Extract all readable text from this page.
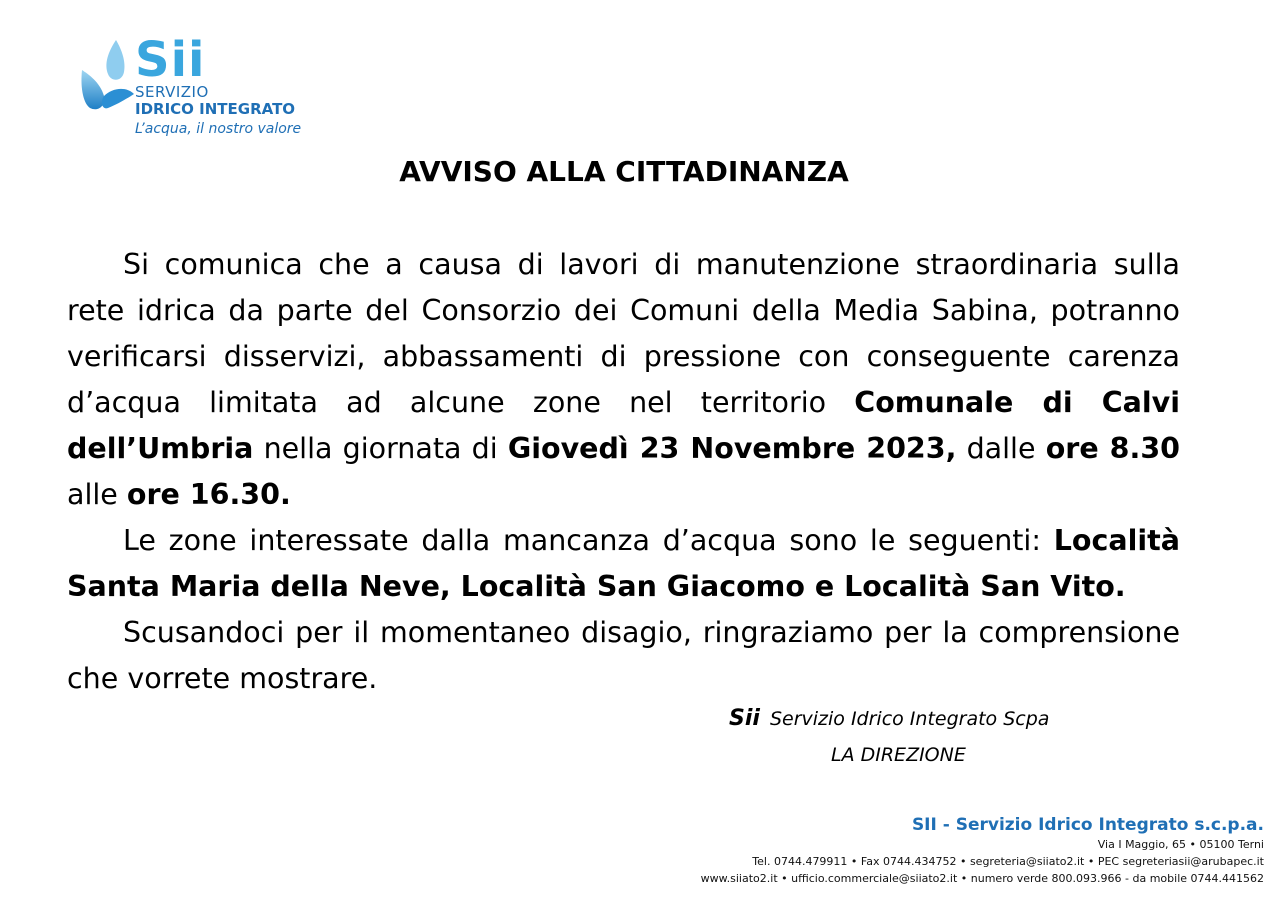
Sii
SERVIZIO
IDRICO INTEGRATO
L’acqua, il nostro valore
AVVISO ALLA CITTADINANZA

Si comunica che a causa di lavori di manutenzione straordinaria sulla rete idrica da parte del Consorzio dei Comuni della Media Sabina, potranno verificarsi disservizi, abbassamenti di pressione con conseguente carenza d’acqua limitata ad alcune zone nel territorio Comunale di Calvi dell’Umbria nella giornata di Giovedì 23 Novembre 2023, dalle ore 8.30 alle ore 16.30.

Le zone interessate dalla mancanza d’acqua sono le seguenti: Località Santa Maria della Neve, Località San Giacomo e Località San Vito.

Scusandoci per il momentaneo disagio, ringraziamo per la comprensione che vorrete mostrare.

Sii Servizio Idrico Integrato Scpa
LA DIREZIONE
SII - Servizio Idrico Integrato s.c.p.a.
Via I Maggio, 65 • 05100 Terni
Tel. 0744.479911 • Fax 0744.434752 • segreteria@siiato2.it • PEC segreteriasii@arubapec.it
www.siiato2.it • ufficio.commerciale@siiato2.it • numero verde 800.093.966 - da mobile 0744.441562
